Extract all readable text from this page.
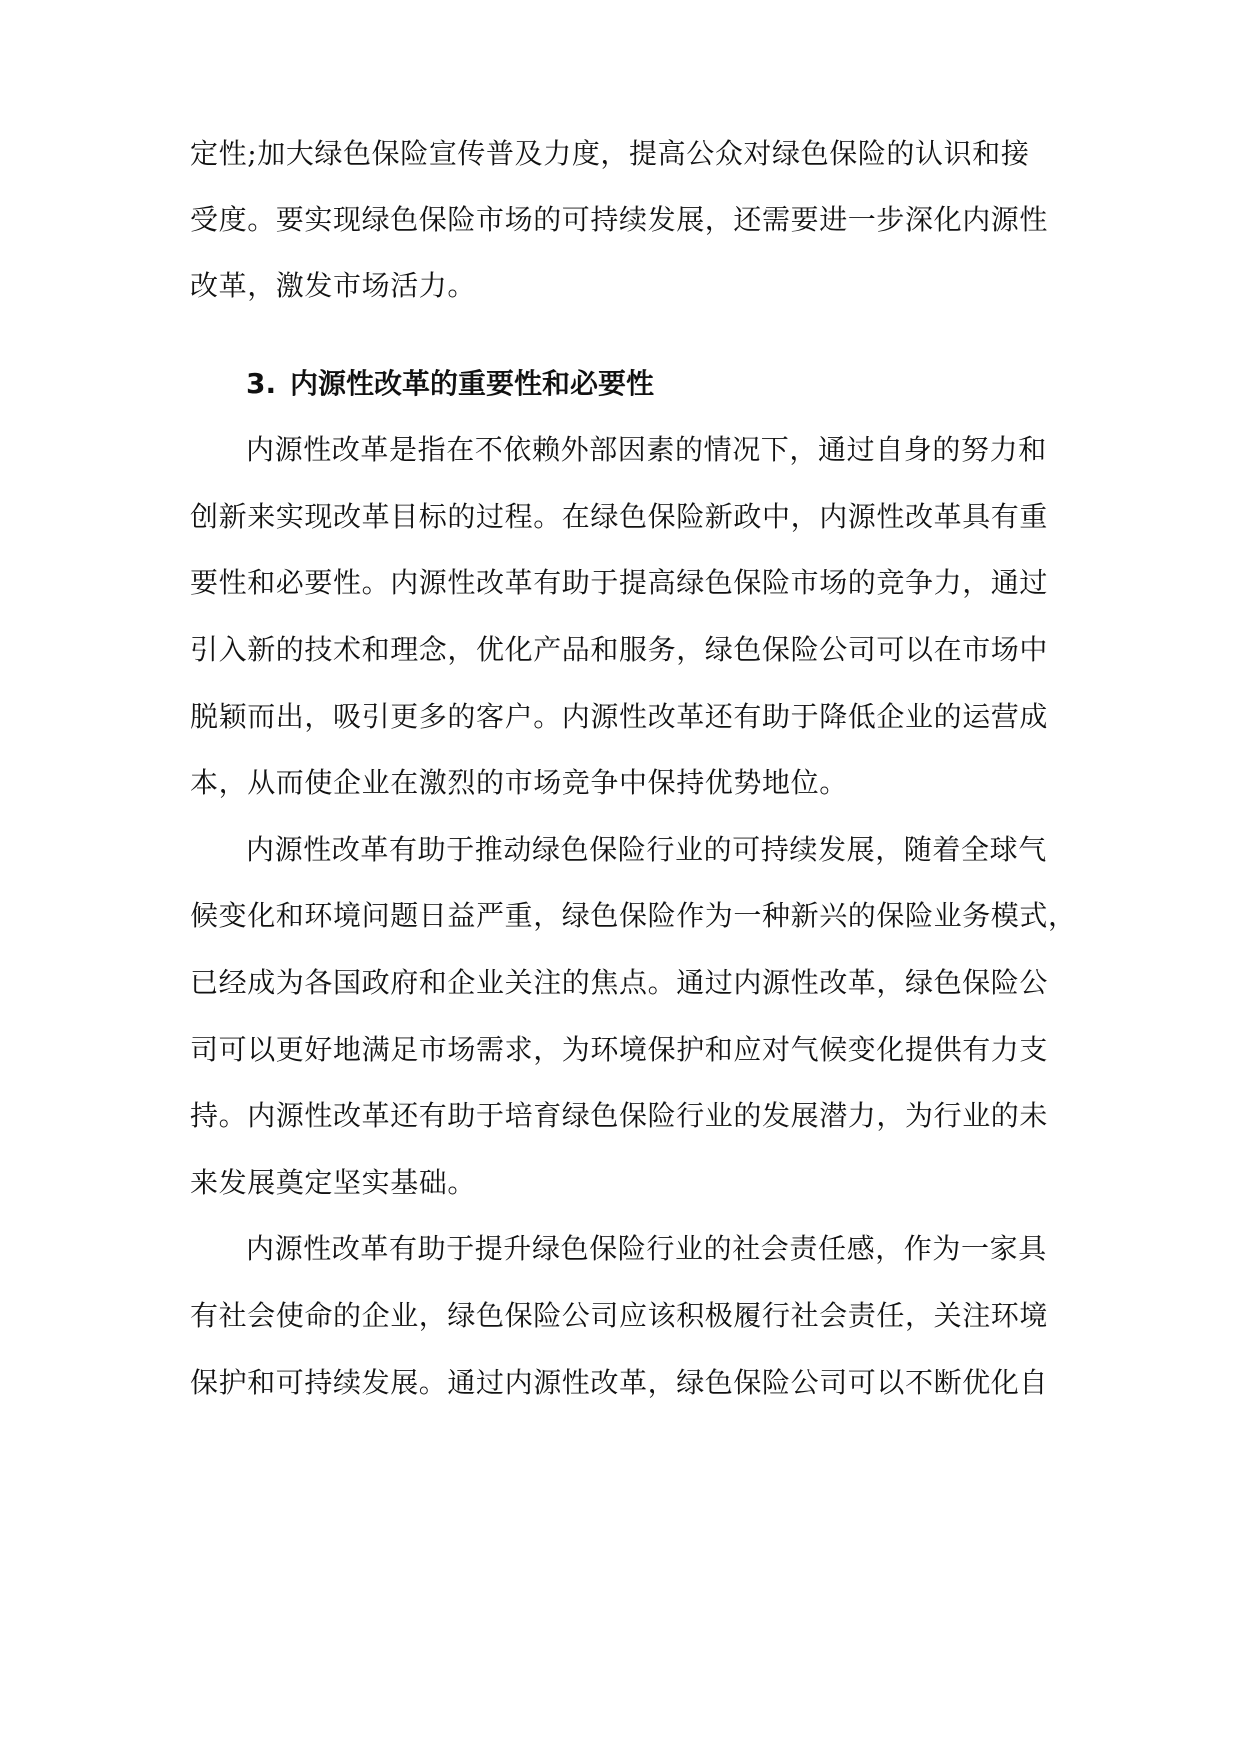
定性;加大绿色保险宣传普及力度，提高公众对绿色保险的认识和接
受度。要实现绿色保险市场的可持续发展，还需要进一步深化内源性
改革，激发市场活力。
3. 内源性改革的重要性和必要性
内源性改革是指在不依赖外部因素的情况下，通过自身的努力和
创新来实现改革目标的过程。在绿色保险新政中，内源性改革具有重
要性和必要性。内源性改革有助于提高绿色保险市场的竞争力，通过
引入新的技术和理念，优化产品和服务，绿色保险公司可以在市场中
脱颖而出，吸引更多的客户。内源性改革还有助于降低企业的运营成
本，从而使企业在激烈的市场竞争中保持优势地位。
内源性改革有助于推动绿色保险行业的可持续发展，随着全球气
候变化和环境问题日益严重，绿色保险作为一种新兴的保险业务模式，
已经成为各国政府和企业关注的焦点。通过内源性改革，绿色保险公
司可以更好地满足市场需求，为环境保护和应对气候变化提供有力支
持。内源性改革还有助于培育绿色保险行业的发展潜力，为行业的未
来发展奠定坚实基础。
内源性改革有助于提升绿色保险行业的社会责任感，作为一家具
有社会使命的企业，绿色保险公司应该积极履行社会责任，关注环境
保护和可持续发展。通过内源性改革，绿色保险公司可以不断优化自
